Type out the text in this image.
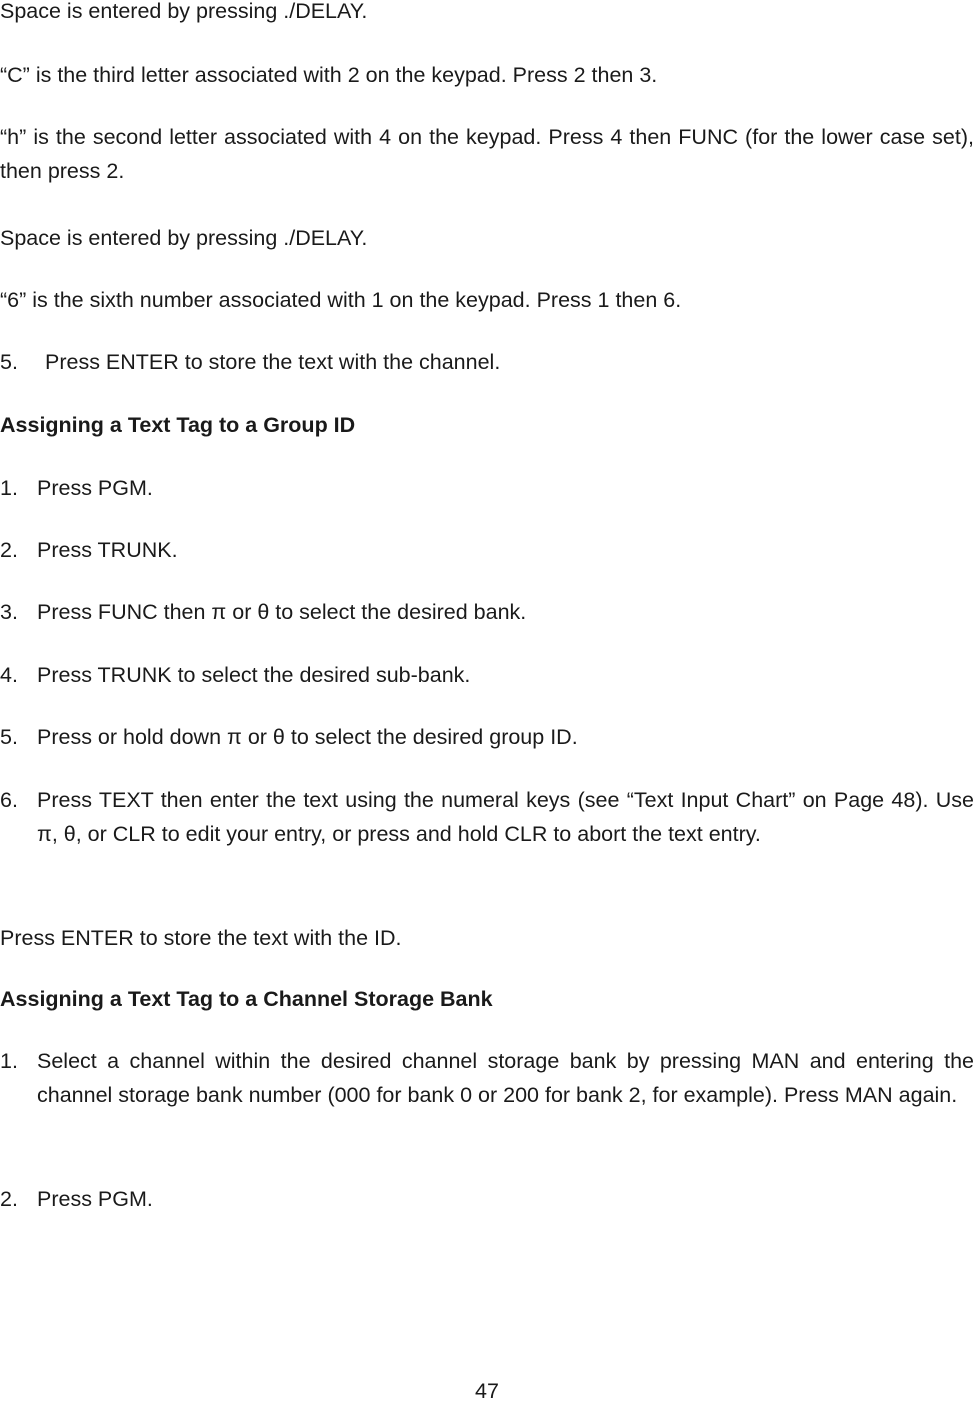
Space is entered by pressing ./DELAY.

“C” is the third letter associated with 2 on the keypad. Press 2 then 3.

“h” is the second letter associated with 4 on the keypad. Press 4 then FUNC (for the lower case set), then press 2.

Space is entered by pressing ./DELAY.

“6” is the sixth number associated with 1 on the keypad. Press 1 then 6.

5.	Press ENTER to store the text with the channel.
Assigning a Text Tag to a Group ID
1. Press PGM.
2. Press TRUNK.
3. Press FUNC then π or θ to select the desired bank.
4. Press TRUNK to select the desired sub-bank.
5. Press or hold down π or θ to select the desired group ID.
6. Press TEXT then enter the text using the numeral keys (see “Text Input Chart” on Page 48). Use π, θ, or CLR to edit your entry, or press and hold CLR to abort the text entry.

Press ENTER to store the text with the ID.

Assigning a Text Tag to a Channel Storage Bank
1. Select a channel within the desired channel storage bank by pressing MAN and entering the channel storage bank number (000 for bank 0 or 200 for bank 2, for example). Press MAN again.
2. Press PGM.
47
